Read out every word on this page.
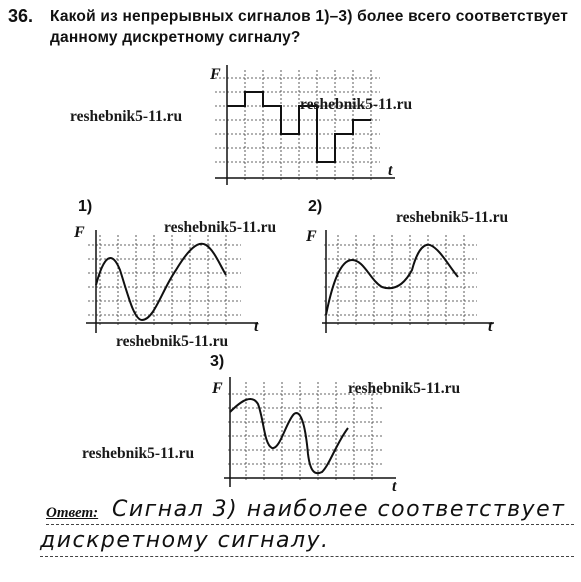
36. Какой из непрерывных сигналов 1)–3) более всего соответствует данному дискретному сигналу?
F
t
1)
F
t
2)
F
t
3)
F
t
reshebnik5-11.ru
reshebnik5-11.ru
reshebnik5-11.ru
reshebnik5-11.ru
reshebnik5-11.ru
reshebnik5-11.ru
reshebnik5-11.ru
Ответ: Сигнал 3) наиболее соответствует
дискретному сигналу.
